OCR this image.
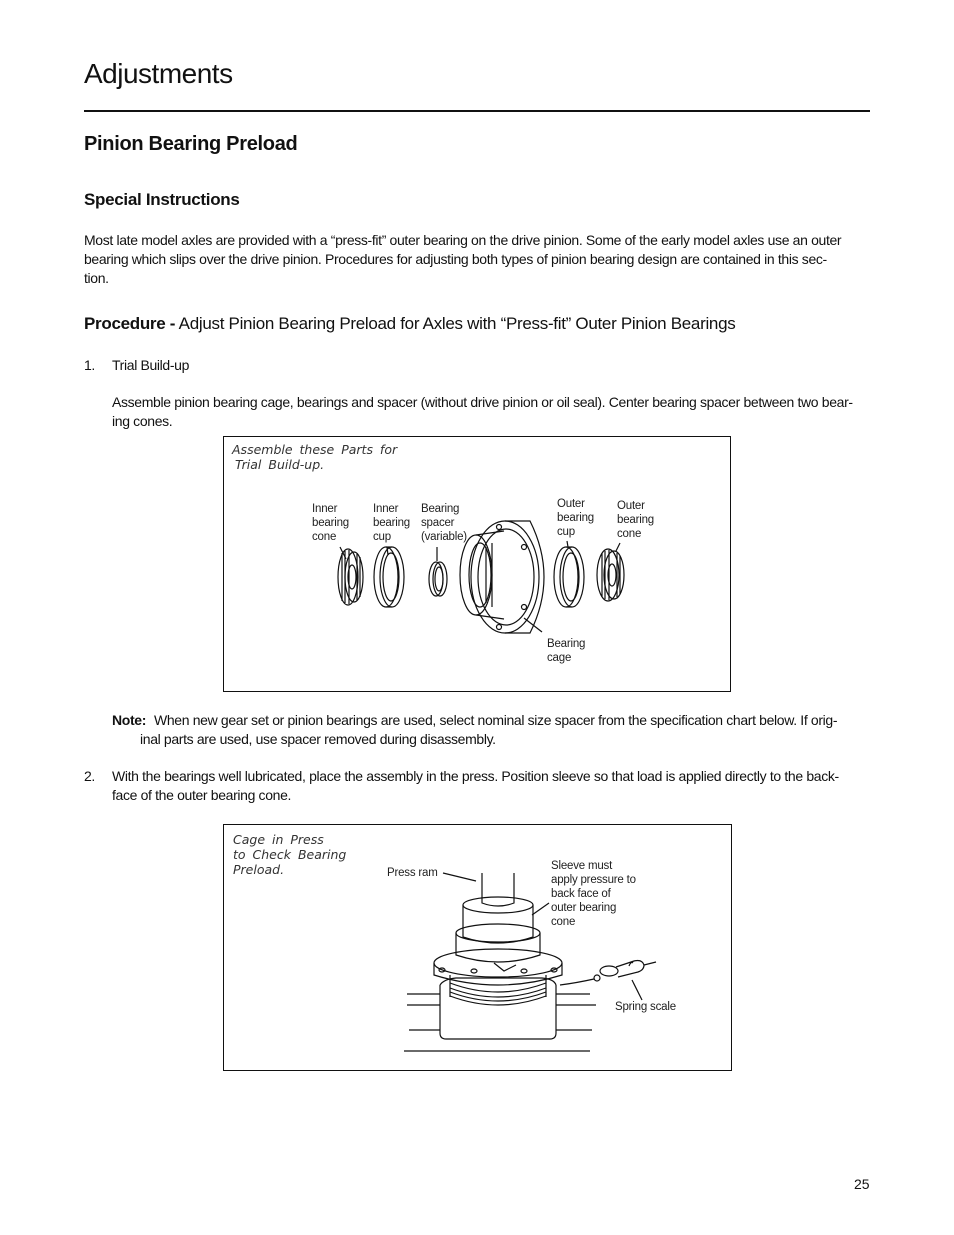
Adjustments
Pinion Bearing Preload
Special Instructions
Most late model axles are provided with a “press-fit” outer bearing on the drive pinion. Some of the early model axles use an outer
bearing which slips over the drive pinion. Procedures for adjusting both types of pinion bearing design are contained in this sec-
tion.
Procedure - Adjust Pinion Bearing Preload for Axles with “Press-fit” Outer Pinion Bearings
1. Trial Build-up
Assemble pinion bearing cage, bearings and spacer (without drive pinion or oil seal). Center bearing spacer between two bear-
ing cones.
Assemble these Parts for
Trial Build-up.
Inner
bearing
cone
Inner
bearing
cup
Bearing
spacer
(variable)
Outer
bearing
cup
Outer
bearing
cone
Bearing
cage
Note: When new gear set or pinion bearings are used, select nominal size spacer from the specification chart below. If orig-
inal parts are used, use spacer removed during disassembly.
2. With the bearings well lubricated, place the assembly in the press. Position sleeve so that load is applied directly to the back-
face of the outer bearing cone.
Cage in Press
to Check Bearing
Preload.	Press ram
Sleeve must
apply pressure to
back face of
outer bearing
cone
Spring scale
25
